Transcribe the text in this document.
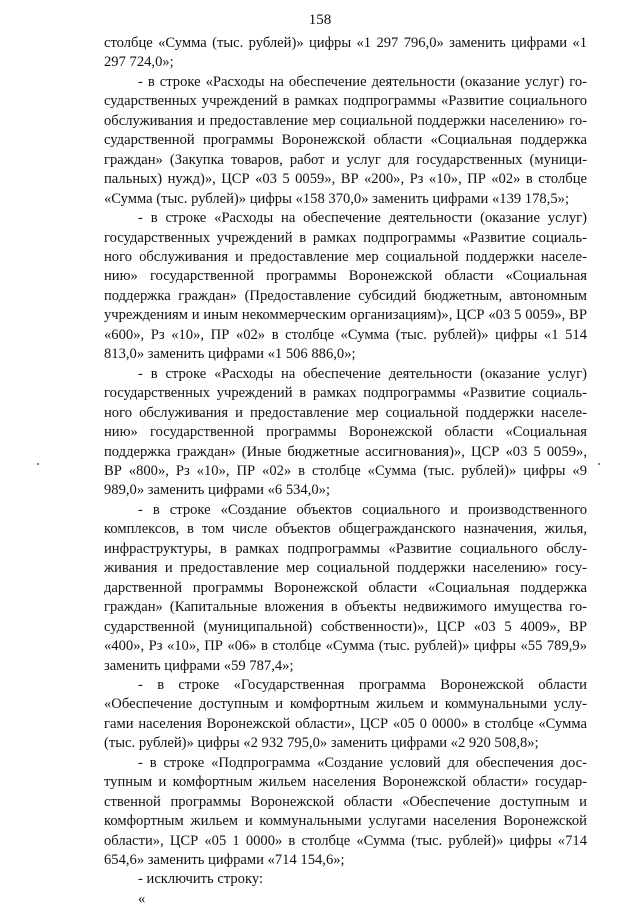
158

столбце «Сумма (тыс. рублей)» цифры «1 297 796,0» заменить цифрами «1 297 724,0»;

- в строке «Расходы на обеспечение деятельности (оказание услуг) государственных учреждений в рамках подпрограммы «Развитие социального обслуживания и предоставление мер социальной поддержки населению» государственной программы Воронежской области «Социальная поддержка граждан» (Закупка товаров, работ и услуг для государственных (муниципальных) нужд)», ЦСР «03 5 0059», ВР «200», Рз «10», ПР «02» в столбце «Сумма (тыс. рублей)» цифры «158 370,0» заменить цифрами «139 178,5»;

- в строке «Расходы на обеспечение деятельности (оказание услуг) государственных учреждений в рамках подпрограммы «Развитие социального обслуживания и предоставление мер социальной поддержки населению» государственной программы Воронежской области «Социальная поддержка граждан» (Предоставление субсидий бюджетным, автономным учреждениям и иным некоммерческим организациям)», ЦСР «03 5 0059», ВР «600», Рз «10», ПР «02» в столбце «Сумма (тыс. рублей)» цифры «1 514 813,0» заменить цифрами «1 506 886,0»;

- в строке «Расходы на обеспечение деятельности (оказание услуг) государственных учреждений в рамках подпрограммы «Развитие социального обслуживания и предоставление мер социальной поддержки населению» государственной программы Воронежской области «Социальная поддержка граждан» (Иные бюджетные ассигнования)», ЦСР «03 5 0059», ВР «800», Рз «10», ПР «02» в столбце «Сумма (тыс. рублей)» цифры «9 989,0» заменить цифрами «6 534,0»;

- в строке «Создание объектов социального и производственного комплексов, в том числе объектов общегражданского назначения, жилья, инфраструктуры, в рамках подпрограммы «Развитие социального обслуживания и предоставление мер социальной поддержки населению» государственной программы Воронежской области «Социальная поддержка граждан» (Капитальные вложения в объекты недвижимого имущества государственной (муниципальной) собственности)», ЦСР «03 5 4009», ВР «400», Рз «10», ПР «06» в столбце «Сумма (тыс. рублей)» цифры «55 789,9» заменить цифрами «59 787,4»;

- в строке «Государственная программа Воронежской области «Обеспечение доступным и комфортным жильем и коммунальными услугами населения Воронежской области», ЦСР «05 0 0000» в столбце «Сумма (тыс. рублей)» цифры «2 932 795,0» заменить цифрами «2 920 508,8»;

- в строке «Подпрограмма «Создание условий для обеспечения доступным и комфортным жильем населения Воронежской области» государственной программы Воронежской области «Обеспечение доступным и комфортным жильем и коммунальными услугами населения Воронежской области», ЦСР «05 1 0000» в столбце «Сумма (тыс. рублей)» цифры «714 654,6» заменить цифрами «714 154,6»;

- исключить строку:

«
